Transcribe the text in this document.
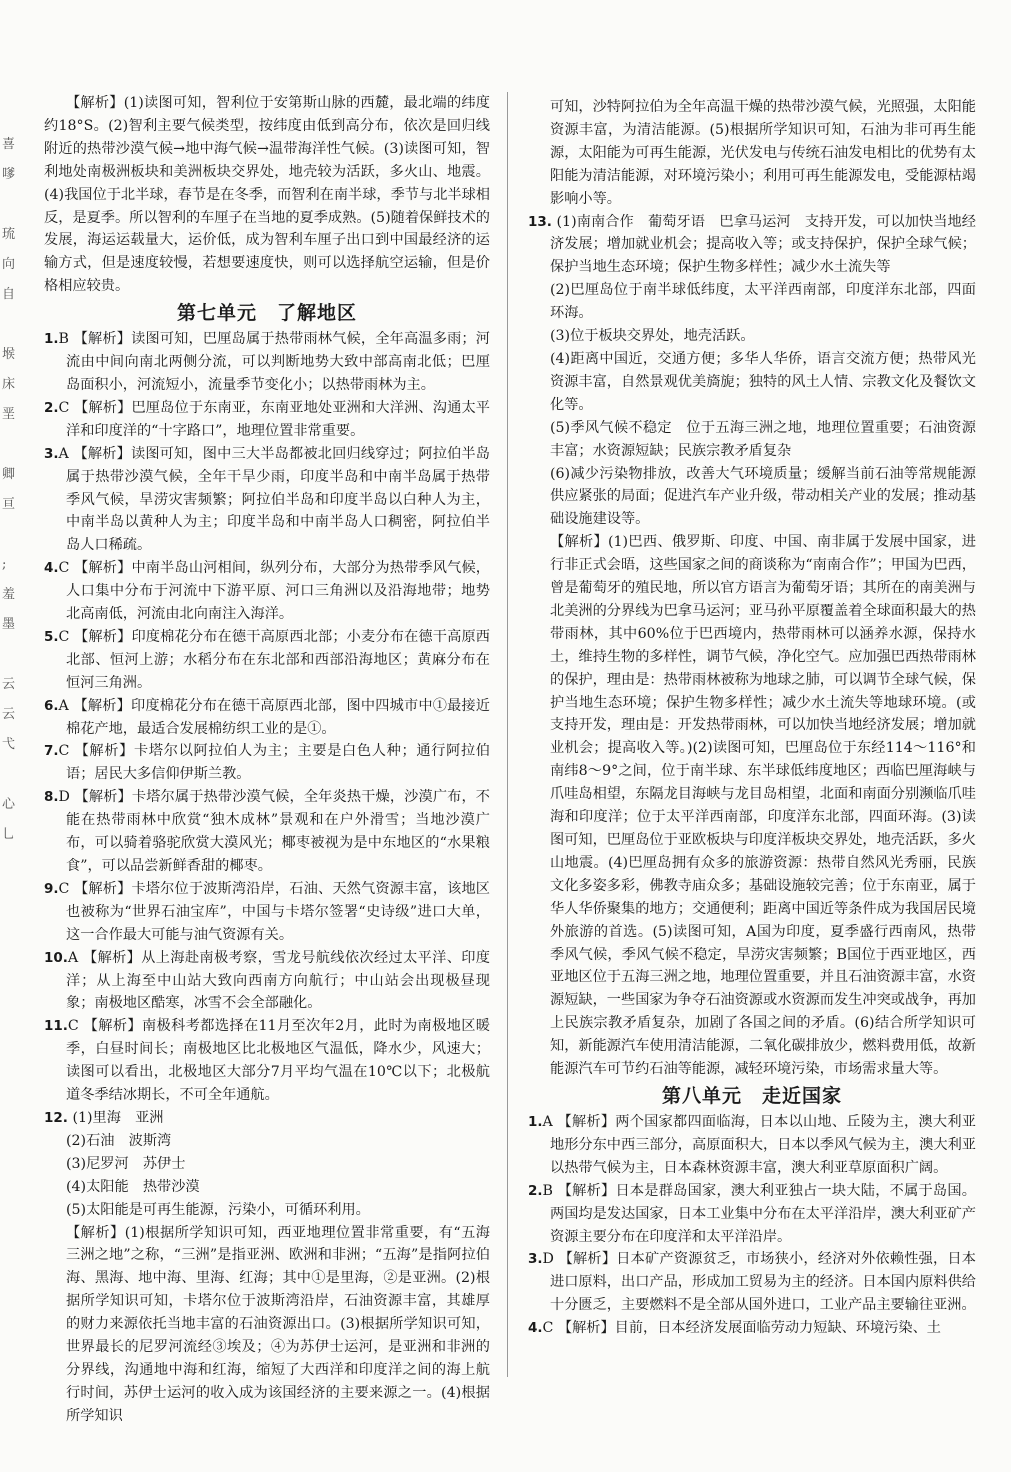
喜
嗲
琉
向
自
堠
床
垩
卿
亘
;
羞
墨
云
云
弋
心
乚

【解析】(1)读图可知，智利位于安第斯山脉的西麓，最北端的纬度约18°S。(2)智利主要气候类型，按纬度由低到高分布，依次是回归线附近的热带沙漠气候→地中海气候→温带海洋性气候。(3)读图可知，智利地处南极洲板块和美洲板块交界处，地壳较为活跃，多火山、地震。(4)我国位于北半球，春节是在冬季，而智利在南半球，季节与北半球相反，是夏季。所以智利的车厘子在当地的夏季成熟。(5)随着保鲜技术的发展，海运运载量大，运价低，成为智利车厘子出口到中国最经济的运输方式，但是速度较慢，若想要速度快，则可以选择航空运输，但是价格相应较贵。

第七单元　了解地区

1.B 【解析】读图可知，巴厘岛属于热带雨林气候，全年高温多雨；河流由中间向南北两侧分流，可以判断地势大致中部高南北低；巴厘岛面积小，河流短小，流量季节变化小；以热带雨林为主。

2.C 【解析】巴厘岛位于东南亚，东南亚地处亚洲和大洋洲、沟通太平洋和印度洋的“十字路口”，地理位置非常重要。

3.A 【解析】读图可知，图中三大半岛都被北回归线穿过；阿拉伯半岛属于热带沙漠气候，全年干旱少雨，印度半岛和中南半岛属于热带季风气候，旱涝灾害频繁；阿拉伯半岛和印度半岛以白种人为主，中南半岛以黄种人为主；印度半岛和中南半岛人口稠密，阿拉伯半岛人口稀疏。

4.C 【解析】中南半岛山河相间，纵列分布，大部分为热带季风气候，人口集中分布于河流中下游平原、河口三角洲以及沿海地带；地势北高南低，河流由北向南注入海洋。

5.C 【解析】印度棉花分布在德干高原西北部；小麦分布在德干高原西北部、恒河上游；水稻分布在东北部和西部沿海地区；黄麻分布在恒河三角洲。

6.A 【解析】印度棉花分布在德干高原西北部，图中四城市中①最接近棉花产地，最适合发展棉纺织工业的是①。

7.C 【解析】卡塔尔以阿拉伯人为主；主要是白色人种；通行阿拉伯语；居民大多信仰伊斯兰教。

8.D 【解析】卡塔尔属于热带沙漠气候，全年炎热干燥，沙漠广布，不能在热带雨林中欣赏“独木成林”景观和在户外滑雪；当地沙漠广布，可以骑着骆驼欣赏大漠风光；椰枣被视为是中东地区的“水果粮食”，可以品尝新鲜香甜的椰枣。

9.C 【解析】卡塔尔位于波斯湾沿岸，石油、天然气资源丰富，该地区也被称为“世界石油宝库”，中国与卡塔尔签署“史诗级”进口大单，这一合作最大可能与油气资源有关。

10.A 【解析】从上海赴南极考察，雪龙号航线依次经过太平洋、印度洋；从上海至中山站大致向西南方向航行；中山站会出现极昼现象；南极地区酷寒，冰雪不会全部融化。

11.C 【解析】南极科考都选择在11月至次年2月，此时为南极地区暖季，白昼时间长；南极地区比北极地区气温低，降水少，风速大；读图可以看出，北极地区大部分7月平均气温在10℃以下；北极航道冬季结冰期长，不可全年通航。

12. (1)里海　亚洲

(2)石油　波斯湾

(3)尼罗河　苏伊士

(4)太阳能　热带沙漠

(5)太阳能是可再生能源，污染小，可循环利用。

【解析】(1)根据所学知识可知，西亚地理位置非常重要，有“五海三洲之地”之称，“三洲”是指亚洲、欧洲和非洲；“五海”是指阿拉伯海、黑海、地中海、里海、红海；其中①是里海，②是亚洲。(2)根据所学知识可知，卡塔尔位于波斯湾沿岸，石油资源丰富，其雄厚的财力来源依托当地丰富的石油资源出口。(3)根据所学知识可知，世界最长的尼罗河流经③埃及；④为苏伊士运河，是亚洲和非洲的分界线，沟通地中海和红海，缩短了大西洋和印度洋之间的海上航行时间，苏伊士运河的收入成为该国经济的主要来源之一。(4)根据所学知识

可知，沙特阿拉伯为全年高温干燥的热带沙漠气候，光照强，太阳能资源丰富，为清洁能源。(5)根据所学知识可知，石油为非可再生能源，太阳能为可再生能源，光伏发电与传统石油发电相比的优势有太阳能为清洁能源，对环境污染小；利用可再生能源发电，受能源枯竭影响小等。

13. (1)南南合作　葡萄牙语　巴拿马运河　支持开发，可以加快当地经济发展；增加就业机会；提高收入等；或支持保护，保护全球气候；保护当地生态环境；保护生物多样性；减少水土流失等

(2)巴厘岛位于南半球低纬度，太平洋西南部，印度洋东北部，四面环海。

(3)位于板块交界处，地壳活跃。

(4)距离中国近，交通方便；多华人华侨，语言交流方便；热带风光资源丰富，自然景观优美旖旎；独特的风土人情、宗教文化及餐饮文化等。

(5)季风气候不稳定　位于五海三洲之地，地理位置重要；石油资源丰富；水资源短缺；民族宗教矛盾复杂

(6)减少污染物排放，改善大气环境质量；缓解当前石油等常规能源供应紧张的局面；促进汽车产业升级，带动相关产业的发展；推动基础设施建设等。

【解析】(1)巴西、俄罗斯、印度、中国、南非属于发展中国家，进行非正式会晤，这些国家之间的商谈称为“南南合作”；甲国为巴西，曾是葡萄牙的殖民地，所以官方语言为葡萄牙语；其所在的南美洲与北美洲的分界线为巴拿马运河；亚马孙平原覆盖着全球面积最大的热带雨林，其中60%位于巴西境内，热带雨林可以涵养水源，保持水土，维持生物的多样性，调节气候，净化空气。应加强巴西热带雨林的保护，理由是：热带雨林被称为地球之肺，可以调节全球气候，保护当地生态环境；保护生物多样性；减少水土流失等地球环境。(或支持开发，理由是：开发热带雨林，可以加快当地经济发展；增加就业机会；提高收入等。)(2)读图可知，巴厘岛位于东经114～116°和南纬8～9°之间，位于南半球、东半球低纬度地区；西临巴厘海峡与爪哇岛相望，东隔龙目海峡与龙目岛相望，北面和南面分别濒临爪哇海和印度洋；位于太平洋西南部，印度洋东北部，四面环海。(3)读图可知，巴厘岛位于亚欧板块与印度洋板块交界处，地壳活跃，多火山地震。(4)巴厘岛拥有众多的旅游资源：热带自然风光秀丽，民族文化多姿多彩，佛教寺庙众多；基础设施较完善；位于东南亚，属于华人华侨聚集的地方；交通便利；距离中国近等条件成为我国居民境外旅游的首选。(5)读图可知，A国为印度，夏季盛行西南风，热带季风气候，季风气候不稳定，旱涝灾害频繁；B国位于西亚地区，西亚地区位于五海三洲之地，地理位置重要，并且石油资源丰富，水资源短缺，一些国家为争夺石油资源或水资源而发生冲突或战争，再加上民族宗教矛盾复杂，加剧了各国之间的矛盾。(6)结合所学知识可知，新能源汽车使用清洁能源，二氧化碳排放少，燃料费用低，故新能源汽车可节约石油等能源，减轻环境污染，市场需求量大等。

第八单元　走近国家

1.A 【解析】两个国家都四面临海，日本以山地、丘陵为主，澳大利亚地形分东中西三部分，高原面积大，日本以季风气候为主，澳大利亚以热带气候为主，日本森林资源丰富，澳大利亚草原面积广阔。

2.B 【解析】日本是群岛国家，澳大利亚独占一块大陆，不属于岛国。两国均是发达国家，日本工业集中分布在太平洋沿岸，澳大利亚矿产资源主要分布在印度洋和太平洋沿岸。

3.D 【解析】日本矿产资源贫乏，市场狭小，经济对外依赖性强，日本进口原料，出口产品，形成加工贸易为主的经济。日本国内原料供给十分匮乏，主要燃料不是全部从国外进口，工业产品主要输往亚洲。

4.C 【解析】目前，日本经济发展面临劳动力短缺、环境污染、土
